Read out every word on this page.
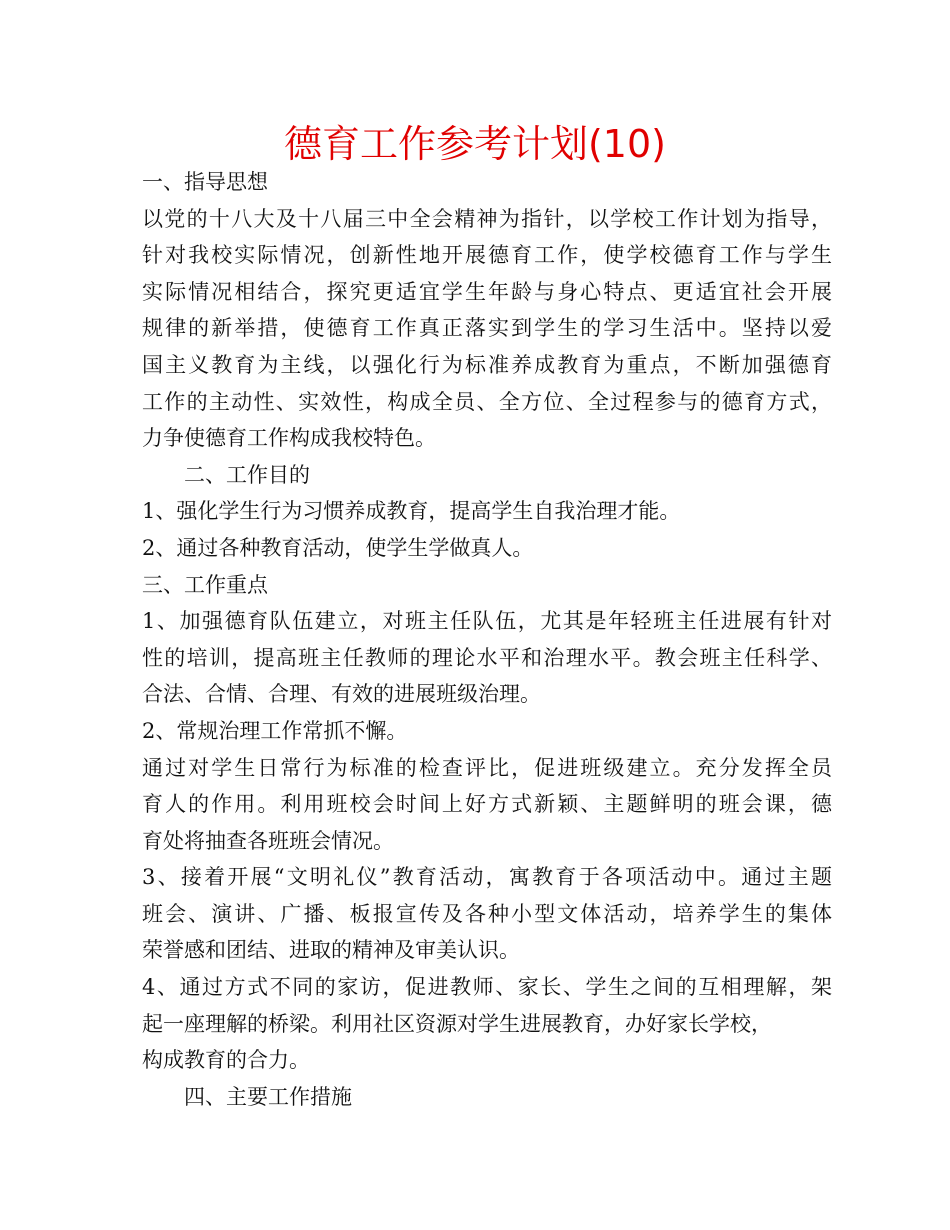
德育工作参考计划(10)
一、指导思想
以党的十八大及十八届三中全会精神为指针，以学校工作计划为指导，
针对我校实际情况，创新性地开展德育工作，使学校德育工作与学生
实际情况相结合，探究更适宜学生年龄与身心特点、更适宜社会开展
规律的新举措，使德育工作真正落实到学生的学习生活中。坚持以爱
国主义教育为主线，以强化行为标准养成教育为重点，不断加强德育
工作的主动性、实效性，构成全员、全方位、全过程参与的德育方式，
力争使德育工作构成我校特色。
二、工作目的
1、强化学生行为习惯养成教育，提高学生自我治理才能。
2、通过各种教育活动，使学生学做真人。
三、工作重点
1、加强德育队伍建立，对班主任队伍，尤其是年轻班主任进展有针对
性的培训，提高班主任教师的理论水平和治理水平。教会班主任科学、
合法、合情、合理、有效的进展班级治理。
2、常规治理工作常抓不懈。
通过对学生日常行为标准的检查评比，促进班级建立。充分发挥全员
育人的作用。利用班校会时间上好方式新颖、主题鲜明的班会课，德
育处将抽查各班班会情况。
3、接着开展“文明礼仪”教育活动，寓教育于各项活动中。通过主题
班会、演讲、广播、板报宣传及各种小型文体活动，培养学生的集体
荣誉感和团结、进取的精神及审美认识。
4、通过方式不同的家访，促进教师、家长、学生之间的互相理解，架
起一座理解的桥梁。利用社区资源对学生进展教育，办好家长学校，
构成教育的合力。
四、主要工作措施
